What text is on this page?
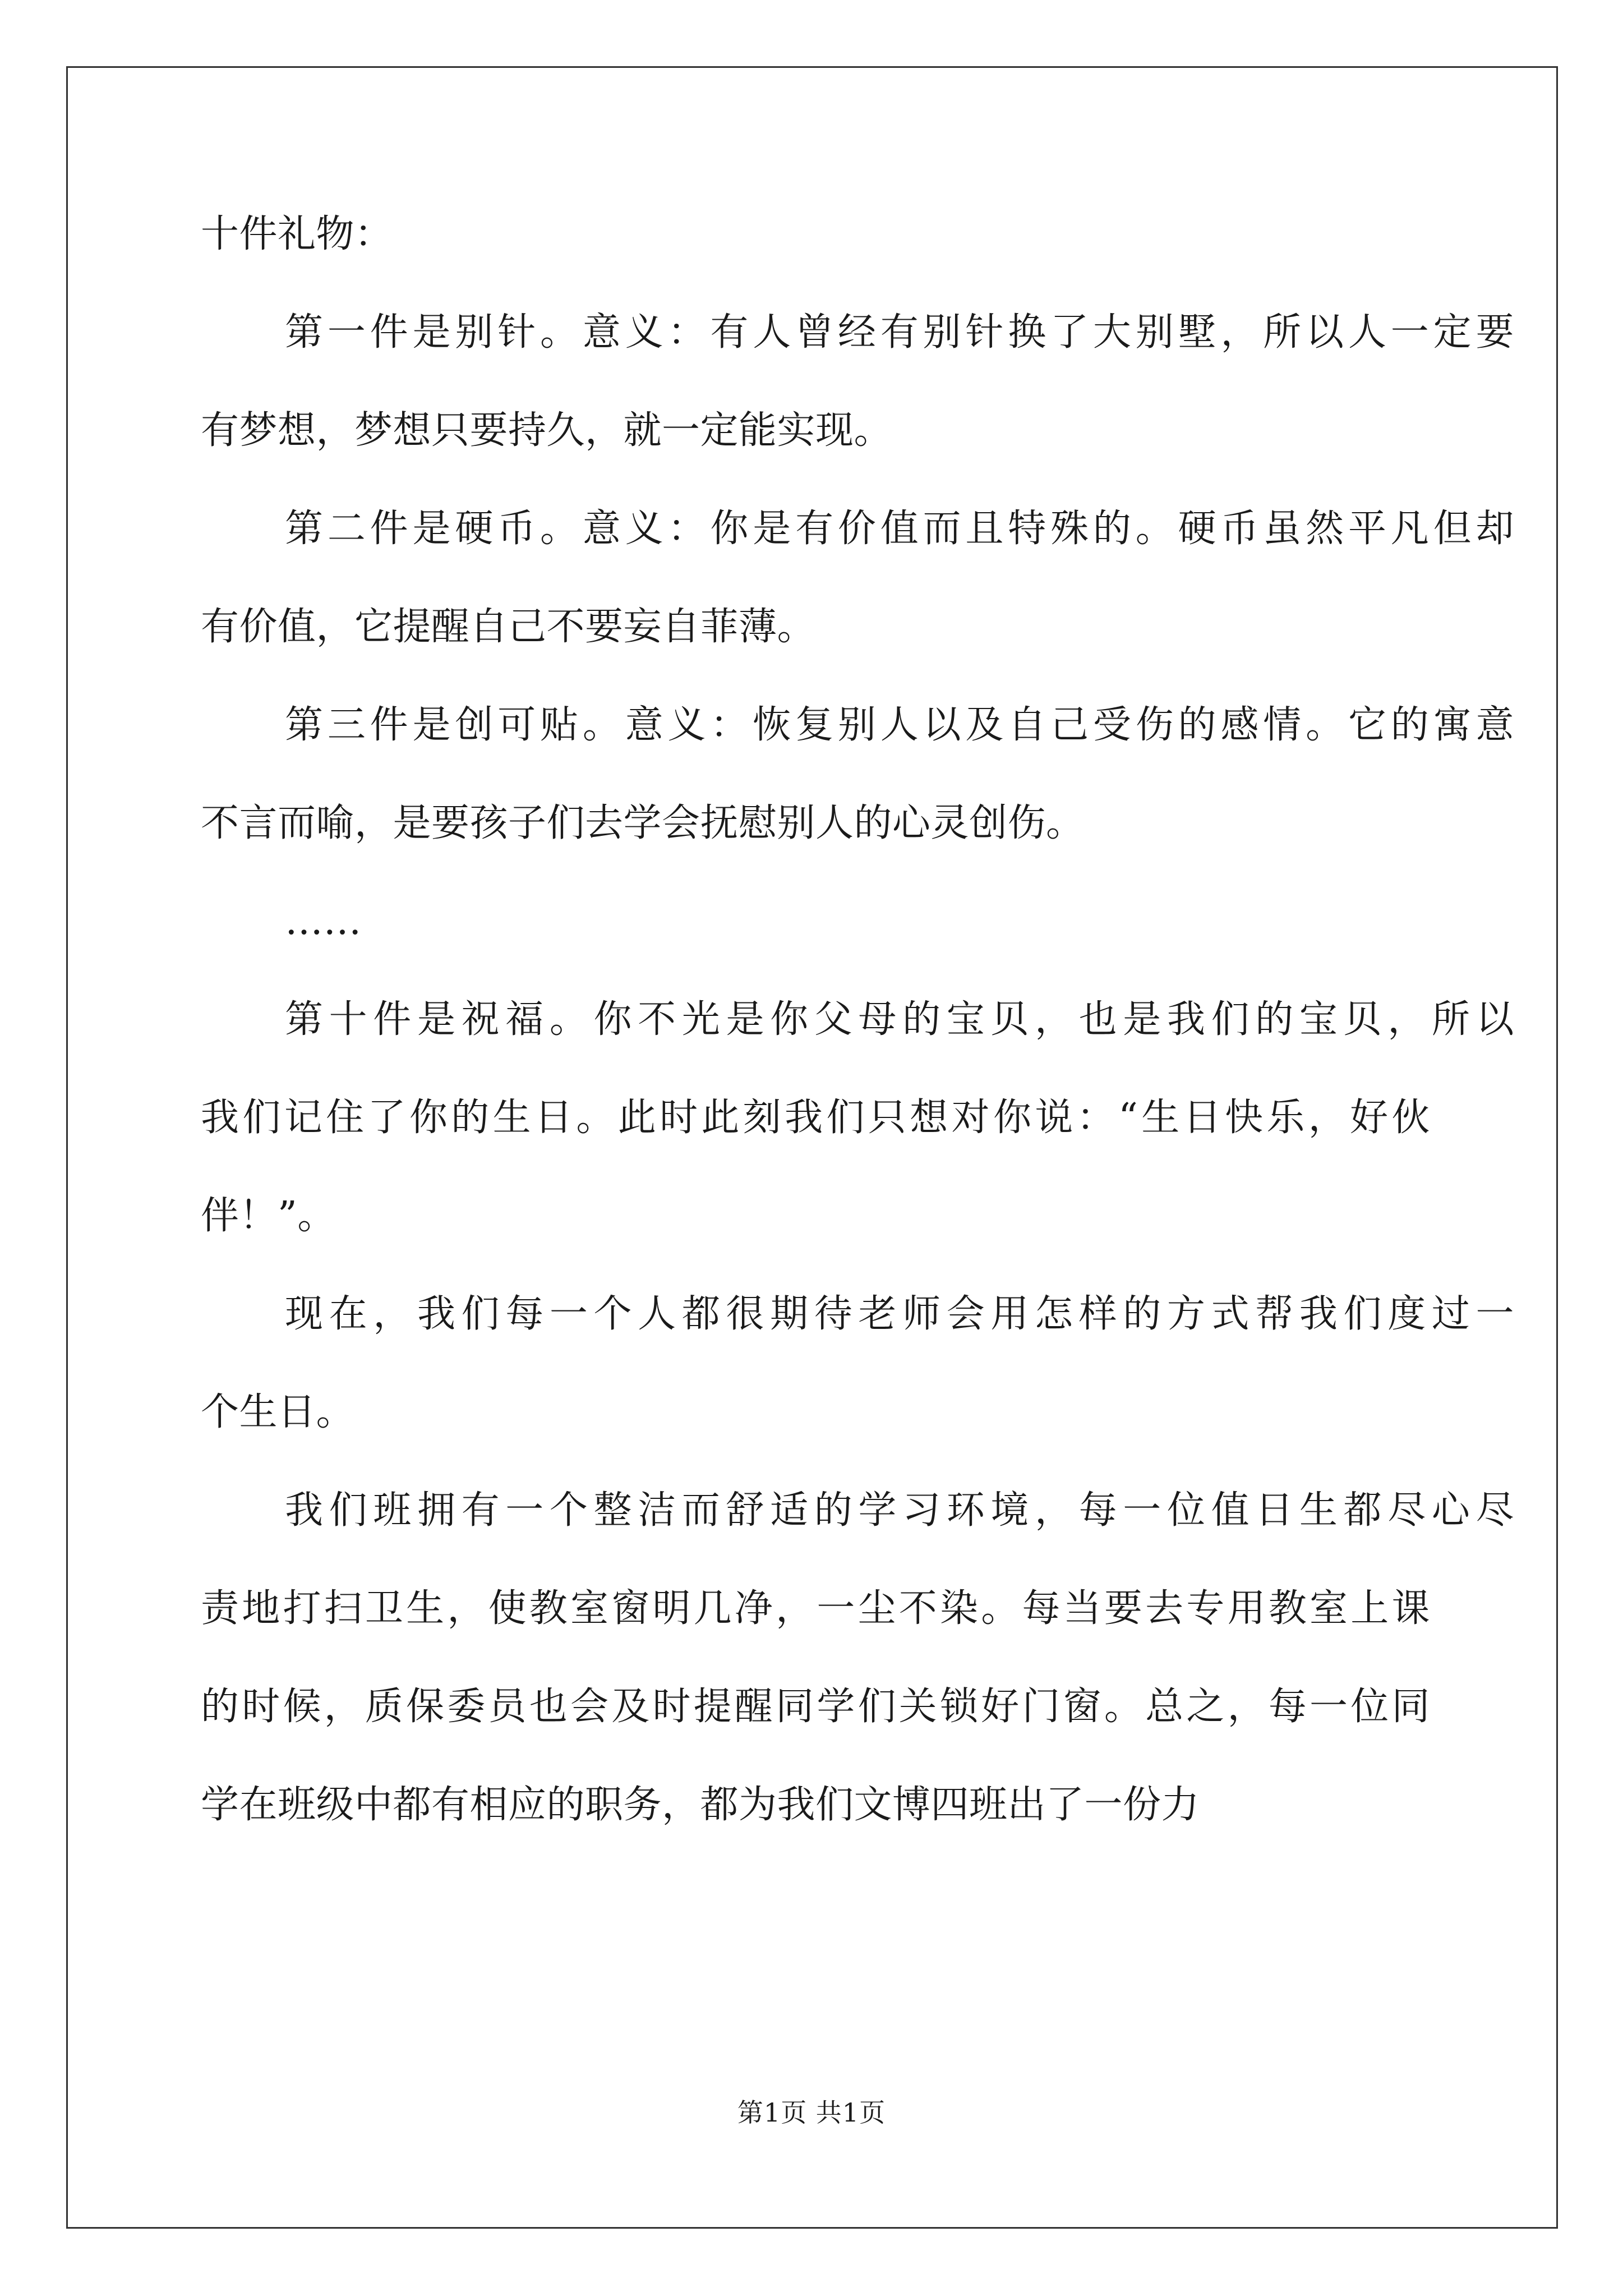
十件礼物：

第一件是别针。意义：有人曾经有别针换了大别墅，所以人一定要

有梦想，梦想只要持久，就一定能实现。

第二件是硬币。意义：你是有价值而且特殊的。硬币虽然平凡但却

有价值，它提醒自己不要妄自菲薄。

第三件是创可贴。意义：恢复别人以及自己受伤的感情。它的寓意

不言而喻，是要孩子们去学会抚慰别人的心灵创伤。

……

第十件是祝福。你不光是你父母的宝贝，也是我们的宝贝，所以

我们记住了你的生日。此时此刻我们只想对你说：“生日快乐，好伙

伴！”。

现在，我们每一个人都很期待老师会用怎样的方式帮我们度过一

个生日。

我们班拥有一个整洁而舒适的学习环境，每一位值日生都尽心尽

责地打扫卫生，使教室窗明几净，一尘不染。每当要去专用教室上课

的时候，质保委员也会及时提醒同学们关锁好门窗。总之，每一位同

学在班级中都有相应的职务，都为我们文博四班出了一份力

第1页 共1页
